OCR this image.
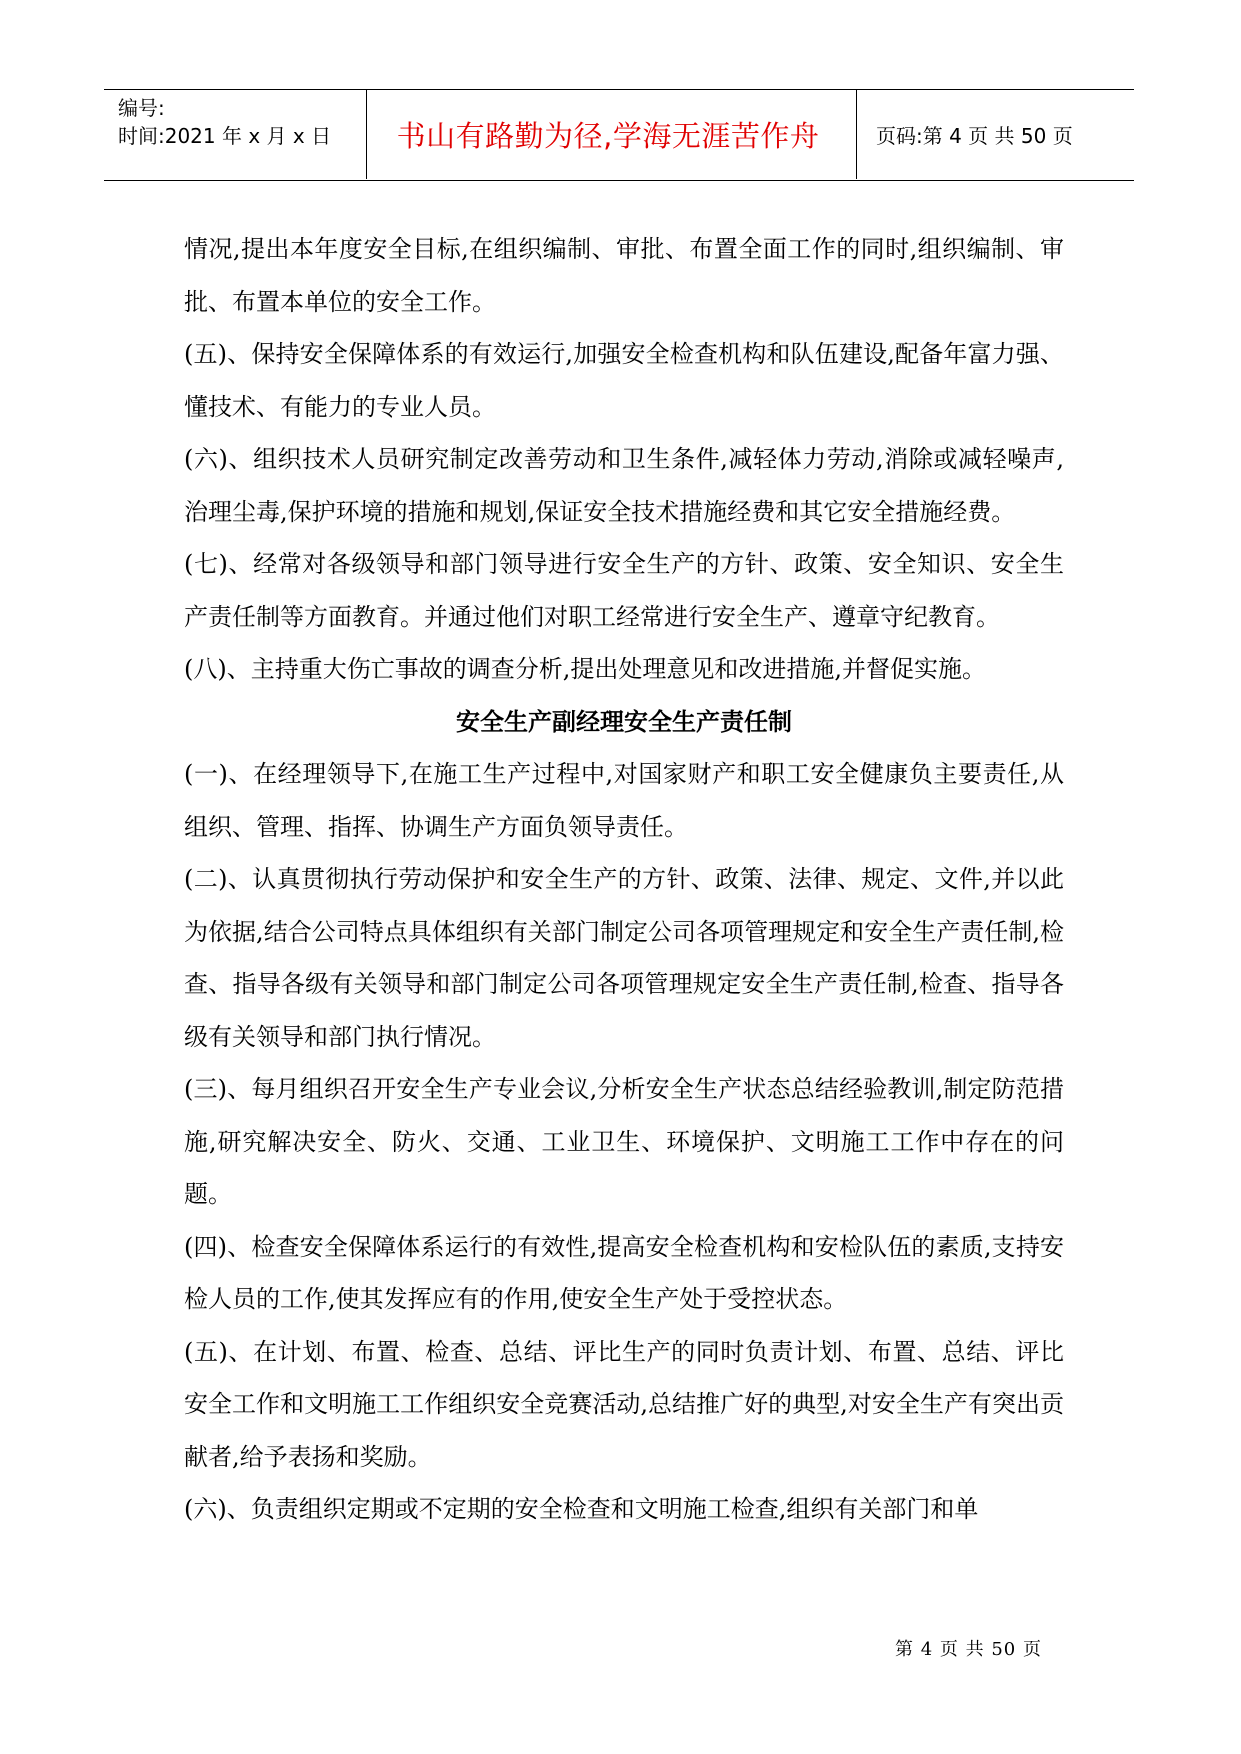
编号:
时间:2021 年 x 月 x 日	书山有路勤为径,学海无涯苦作舟	页码:第 4 页 共 50 页

情况,提出本年度安全目标,在组织编制、审批、布置全面工作的同时,组织编制、审批、布置本单位的安全工作。

(五)、保持安全保障体系的有效运行,加强安全检查机构和队伍建设,配备年富力强、懂技术、有能力的专业人员。

(六)、组织技术人员研究制定改善劳动和卫生条件,减轻体力劳动,消除或减轻噪声,治理尘毒,保护环境的措施和规划,保证安全技术措施经费和其它安全措施经费。

(七)、经常对各级领导和部门领导进行安全生产的方针、政策、安全知识、安全生产责任制等方面教育。并通过他们对职工经常进行安全生产、遵章守纪教育。

(八)、主持重大伤亡事故的调查分析,提出处理意见和改进措施,并督促实施。

安全生产副经理安全生产责任制

(一)、在经理领导下,在施工生产过程中,对国家财产和职工安全健康负主要责任,从组织、管理、指挥、协调生产方面负领导责任。

(二)、认真贯彻执行劳动保护和安全生产的方针、政策、法律、规定、文件,并以此为依据,结合公司特点具体组织有关部门制定公司各项管理规定和安全生产责任制,检查、指导各级有关领导和部门制定公司各项管理规定安全生产责任制,检查、指导各级有关领导和部门执行情况。

(三)、每月组织召开安全生产专业会议,分析安全生产状态总结经验教训,制定防范措施,研究解决安全、防火、交通、工业卫生、环境保护、文明施工工作中存在的问题。

(四)、检查安全保障体系运行的有效性,提高安全检查机构和安检队伍的素质,支持安检人员的工作,使其发挥应有的作用,使安全生产处于受控状态。

(五)、在计划、布置、检查、总结、评比生产的同时负责计划、布置、总结、评比安全工作和文明施工工作组织安全竞赛活动,总结推广好的典型,对安全生产有突出贡献者,给予表扬和奖励。

(六)、负责组织定期或不定期的安全检查和文明施工检查,组织有关部门和单

第 4 页 共 50 页
